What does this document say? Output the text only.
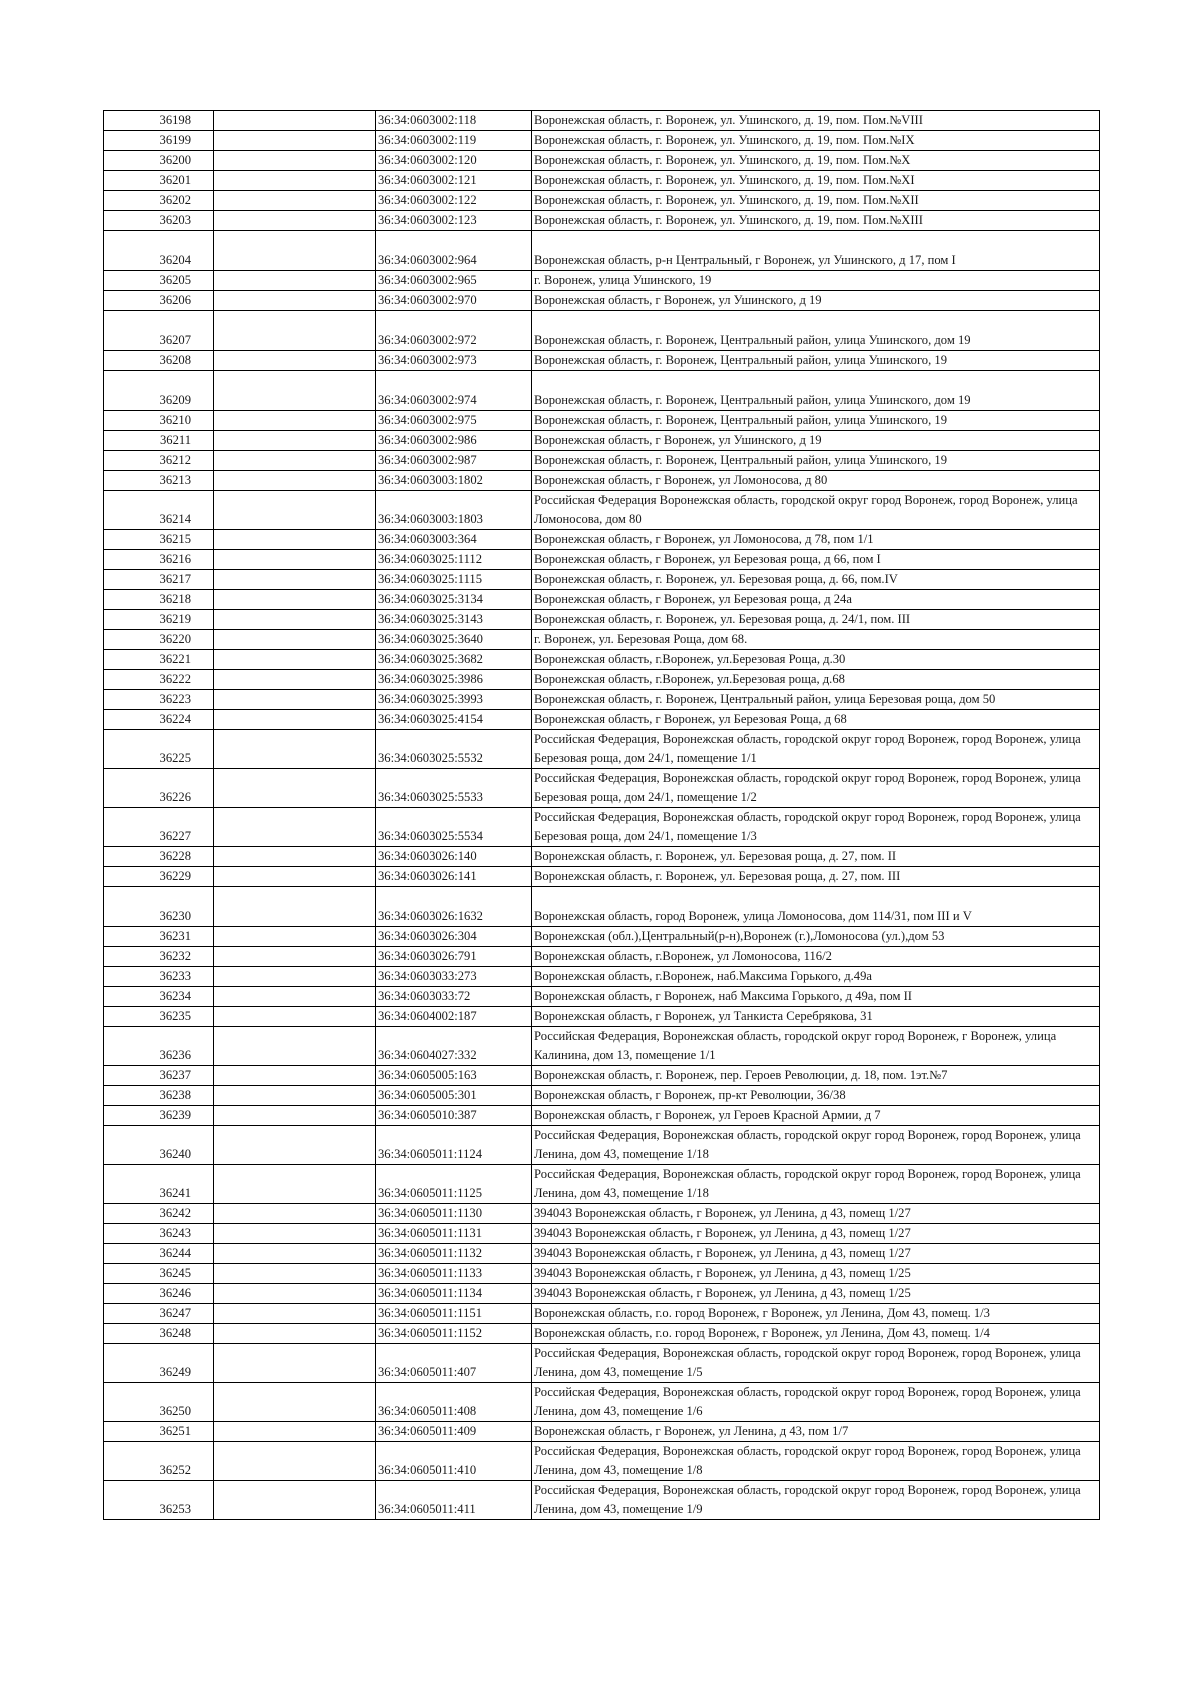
36198		36:34:0603002:118	Воронежская область, г. Воронеж, ул. Ушинского, д. 19, пом. Пом.№VIII
36199		36:34:0603002:119	Воронежская область, г. Воронеж, ул. Ушинского, д. 19, пом. Пом.№IX
36200		36:34:0603002:120	Воронежская область, г. Воронеж, ул. Ушинского, д. 19, пом. Пом.№X
36201		36:34:0603002:121	Воронежская область, г. Воронеж, ул. Ушинского, д. 19, пом. Пом.№XI
36202		36:34:0603002:122	Воронежская область, г. Воронеж, ул. Ушинского, д. 19, пом. Пом.№XII
36203		36:34:0603002:123	Воронежская область, г. Воронеж, ул. Ушинского, д. 19, пом. Пом.№XIII
36204		36:34:0603002:964	Воронежская область, р-н Центральный, г Воронеж, ул Ушинского, д 17, пом I
36205		36:34:0603002:965	г. Воронеж, улица Ушинского, 19
36206		36:34:0603002:970	Воронежская область, г Воронеж, ул Ушинского, д 19
36207		36:34:0603002:972	Воронежская область, г. Воронеж, Центральный район, улица Ушинского, дом 19
36208		36:34:0603002:973	Воронежская область, г. Воронеж, Центральный район, улица Ушинского, 19
36209		36:34:0603002:974	Воронежская область, г. Воронеж, Центральный район, улица Ушинского, дом 19
36210		36:34:0603002:975	Воронежская область, г. Воронеж, Центральный район, улица Ушинского, 19
36211		36:34:0603002:986	Воронежская область, г Воронеж, ул Ушинского, д 19
36212		36:34:0603002:987	Воронежская область, г. Воронеж, Центральный район, улица Ушинского, 19
36213		36:34:0603003:1802	Воронежская область, г Воронеж, ул Ломоносова, д 80
36214		36:34:0603003:1803	Российская Федерация Воронежская область, городской округ город Воронеж, город Воронеж, улица Ломоносова, дом 80
36215		36:34:0603003:364	Воронежская область, г Воронеж, ул Ломоносова, д 78, пом 1/1
36216		36:34:0603025:1112	Воронежская область, г Воронеж, ул Березовая роща, д 66, пом I
36217		36:34:0603025:1115	Воронежская область, г. Воронеж, ул. Березовая роща, д. 66, пом.IV
36218		36:34:0603025:3134	Воронежская область, г Воронеж, ул Березовая роща, д 24а
36219		36:34:0603025:3143	Воронежская область, г. Воронеж, ул. Березовая роща, д. 24/1, пом. III
36220		36:34:0603025:3640	г. Воронеж, ул. Березовая Роща, дом 68.
36221		36:34:0603025:3682	Воронежская область, г.Воронеж, ул.Березовая Роща, д.30
36222		36:34:0603025:3986	Воронежская область, г.Воронеж, ул.Березовая роща, д.68
36223		36:34:0603025:3993	Воронежская область, г. Воронеж, Центральный район, улица Березовая роща, дом 50
36224		36:34:0603025:4154	Воронежская область, г Воронеж, ул Березовая Роща, д 68
36225		36:34:0603025:5532	Российская Федерация, Воронежская область, городской округ город Воронеж, город Воронеж, улица Березовая роща, дом 24/1, помещение 1/1
36226		36:34:0603025:5533	Российская Федерация, Воронежская область, городской округ город Воронеж, город Воронеж, улица Березовая роща, дом 24/1, помещение 1/2
36227		36:34:0603025:5534	Российская Федерация, Воронежская область, городской округ город Воронеж, город Воронеж, улица Березовая роща, дом 24/1, помещение 1/3
36228		36:34:0603026:140	Воронежская область, г. Воронеж, ул. Березовая роща, д. 27, пом. II
36229		36:34:0603026:141	Воронежская область, г. Воронеж, ул. Березовая роща, д. 27, пом. III
36230		36:34:0603026:1632	Воронежская область, город Воронеж, улица Ломоносова, дом 114/31, пом III и V
36231		36:34:0603026:304	Воронежская (обл.),Центральный(р-н),Воронеж (г.),Ломоносова (ул.),дом 53
36232		36:34:0603026:791	Воронежская область, г.Воронеж, ул Ломоносова, 116/2
36233		36:34:0603033:273	Воронежская область, г.Воронеж, наб.Максима Горького, д.49а
36234		36:34:0603033:72	Воронежская область, г Воронеж, наб Максима Горького, д 49а, пом II
36235		36:34:0604002:187	Воронежская область, г Воронеж, ул Танкиста Серебрякова, 31
36236		36:34:0604027:332	Российская Федерация, Воронежская область, городской округ город Воронеж, г Воронеж, улица Калинина, дом 13, помещение 1/1
36237		36:34:0605005:163	Воронежская область, г. Воронеж, пер. Героев Революции, д. 18, пом. 1эт.№7
36238		36:34:0605005:301	Воронежская область, г Воронеж, пр-кт Революции, 36/38
36239		36:34:0605010:387	Воронежская область, г Воронеж, ул Героев Красной Армии, д 7
36240		36:34:0605011:1124	Российская Федерация, Воронежская область, городской округ город Воронеж, город Воронеж, улица Ленина, дом 43, помещение 1/18
36241		36:34:0605011:1125	Российская Федерация, Воронежская область, городской округ город Воронеж, город Воронеж, улица Ленина, дом 43, помещение 1/18
36242		36:34:0605011:1130	394043 Воронежская область, г Воронеж, ул Ленина, д 43, помещ 1/27
36243		36:34:0605011:1131	394043 Воронежская область, г Воронеж, ул Ленина, д 43, помещ 1/27
36244		36:34:0605011:1132	394043 Воронежская область, г Воронеж, ул Ленина, д 43, помещ 1/27
36245		36:34:0605011:1133	394043 Воронежская область, г Воронеж, ул Ленина, д 43, помещ 1/25
36246		36:34:0605011:1134	394043 Воронежская область, г Воронеж, ул Ленина, д 43, помещ 1/25
36247		36:34:0605011:1151	Воронежская область, г.о. город Воронеж, г Воронеж, ул Ленина, Дом 43, помещ. 1/3
36248		36:34:0605011:1152	Воронежская область, г.о. город Воронеж, г Воронеж, ул Ленина, Дом 43, помещ. 1/4
36249		36:34:0605011:407	Российская Федерация, Воронежская область, городской округ город Воронеж, город Воронеж, улица Ленина, дом 43, помещение 1/5
36250		36:34:0605011:408	Российская Федерация, Воронежская область, городской округ город Воронеж, город Воронеж, улица Ленина, дом 43, помещение 1/6
36251		36:34:0605011:409	Воронежская область, г Воронеж, ул Ленина, д 43, пом 1/7
36252		36:34:0605011:410	Российская Федерация, Воронежская область, городской округ город Воронеж, город Воронеж, улица Ленина, дом 43, помещение 1/8
36253		36:34:0605011:411	Российская Федерация, Воронежская область, городской округ город Воронеж, город Воронеж, улица Ленина, дом 43, помещение 1/9
